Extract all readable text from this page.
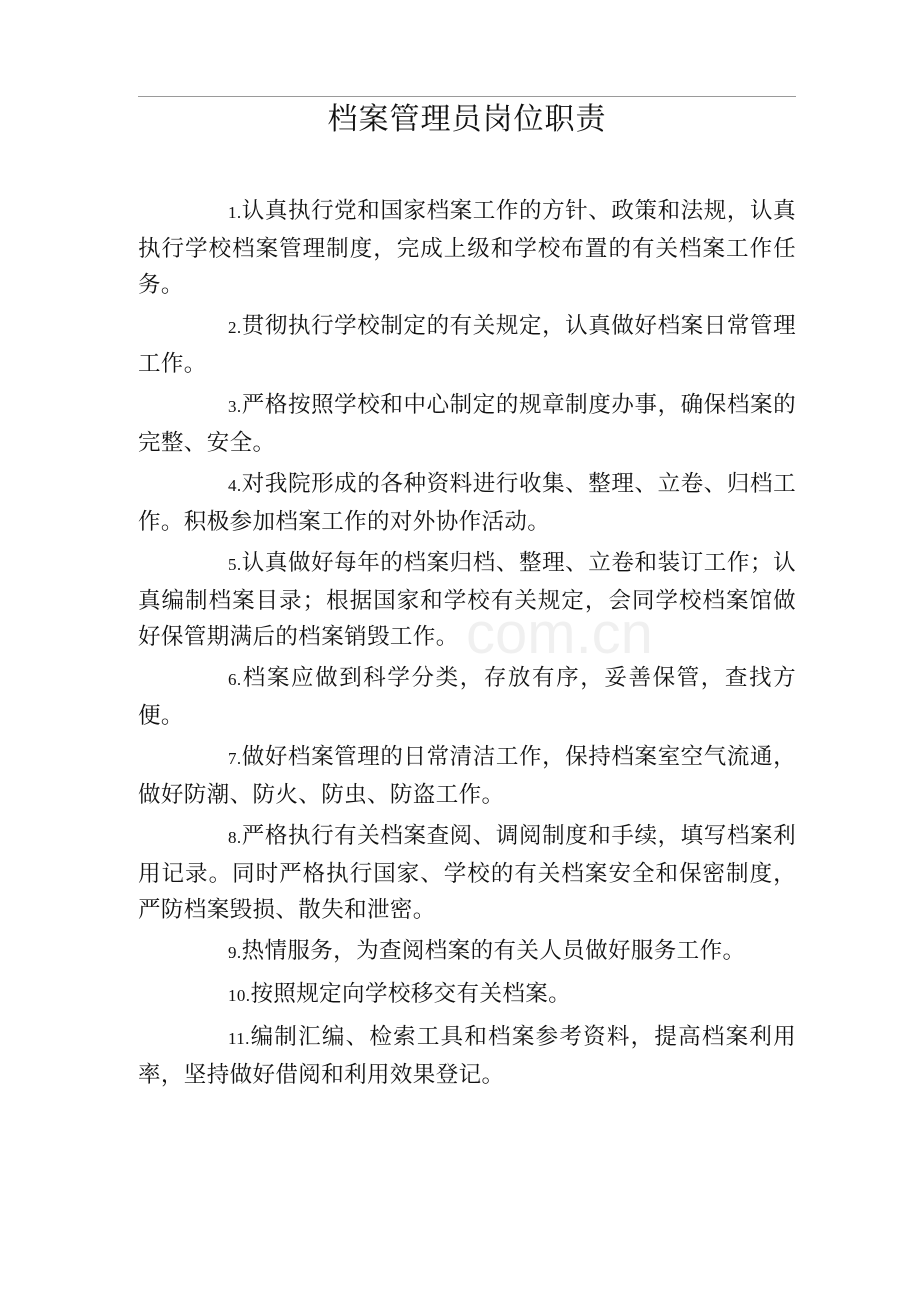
档案管理员岗位职责

1.认真执行党和国家档案工作的方针、政策和法规，认真执行学校档案管理制度，完成上级和学校布置的有关档案工作任务。

2.贯彻执行学校制定的有关规定，认真做好档案日常管理工作。

3.严格按照学校和中心制定的规章制度办事，确保档案的完整、安全。

4.对我院形成的各种资料进行收集、整理、立卷、归档工作。积极参加档案工作的对外协作活动。

5.认真做好每年的档案归档、整理、立卷和装订工作；认真编制档案目录；根据国家和学校有关规定，会同学校档案馆做好保管期满后的档案销毁工作。

6.档案应做到科学分类，存放有序，妥善保管，查找方便。

7.做好档案管理的日常清洁工作，保持档案室空气流通，做好防潮、防火、防虫、防盗工作。

8.严格执行有关档案查阅、调阅制度和手续，填写档案利用记录。同时严格执行国家、学校的有关档案安全和保密制度，严防档案毁损、散失和泄密。

9.热情服务，为查阅档案的有关人员做好服务工作。

10.按照规定向学校移交有关档案。

11.编制汇编、检索工具和档案参考资料，提高档案利用率，坚持做好借阅和利用效果登记。

com.cn
